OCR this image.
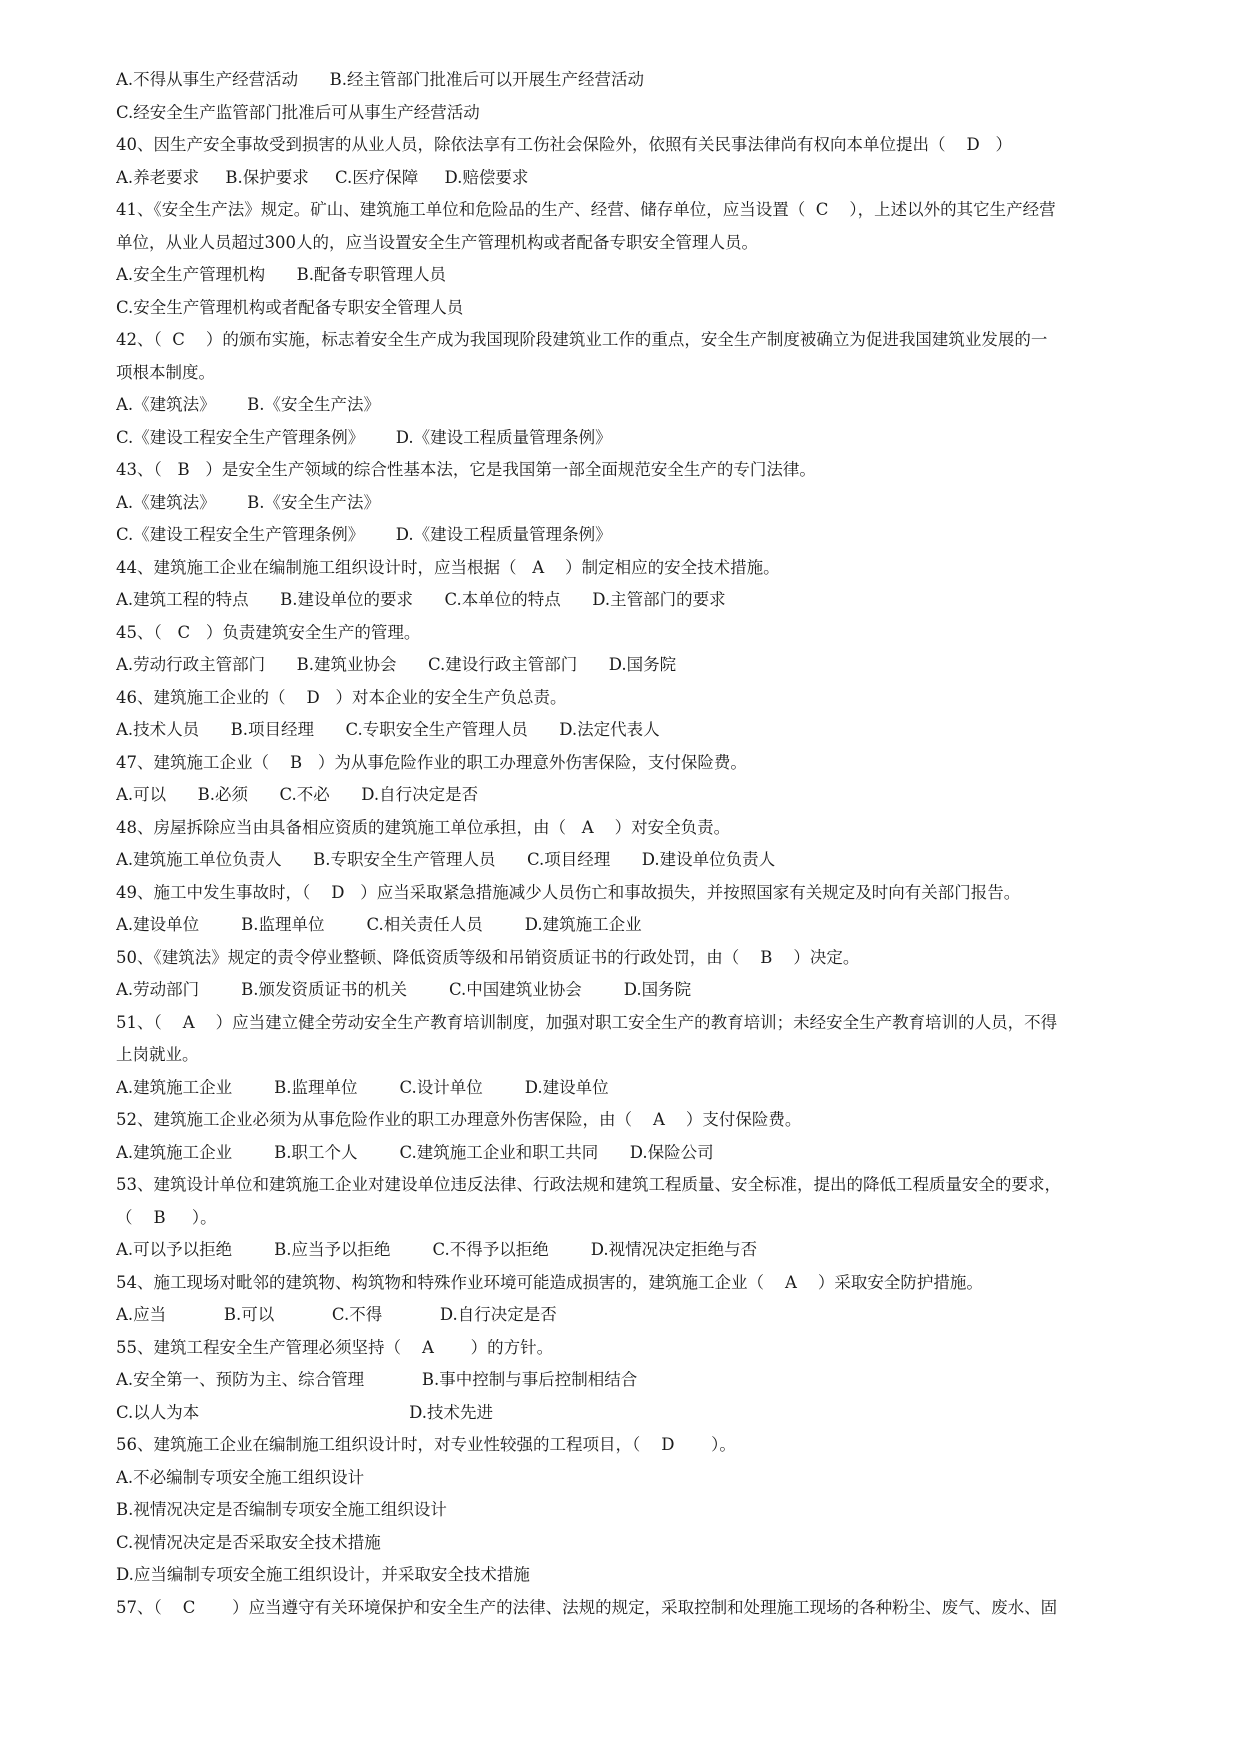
A.不得从事生产经营活动      B.经主管部门批准后可以开展生产经营活动
C.经安全生产监管部门批准后可从事生产经营活动
40、因生产安全事故受到损害的从业人员，除依法享有工伤社会保险外，依照有关民事法律尚有权向本单位提出（    D   ）
A.养老要求     B.保护要求     C.医疗保障     D.赔偿要求
41、《安全生产法》规定。矿山、建筑施工单位和危险品的生产、经营、储存单位，应当设置（  C    ），上述以外的其它生产经营
单位，从业人员超过300人的，应当设置安全生产管理机构或者配备专职安全管理人员。
A.安全生产管理机构      B.配备专职管理人员
C.安全生产管理机构或者配备专职安全管理人员
42、（  C    ）的颁布实施，标志着安全生产成为我国现阶段建筑业工作的重点，安全生产制度被确立为促进我国建筑业发展的一
项根本制度。
A.《建筑法》      B.《安全生产法》
C.《建设工程安全生产管理条例》      D.《建设工程质量管理条例》
43、（   B   ）是安全生产领域的综合性基本法，它是我国第一部全面规范安全生产的专门法律。
A.《建筑法》      B.《安全生产法》
C.《建设工程安全生产管理条例》      D.《建设工程质量管理条例》
44、建筑施工企业在编制施工组织设计时，应当根据（   A    ）制定相应的安全技术措施。
A.建筑工程的特点      B.建设单位的要求      C.本单位的特点      D.主管部门的要求
45、（   C   ）负责建筑安全生产的管理。
A.劳动行政主管部门      B.建筑业协会      C.建设行政主管部门      D.国务院
46、建筑施工企业的（    D   ）对本企业的安全生产负总责。
A.技术人员      B.项目经理      C.专职安全生产管理人员      D.法定代表人
47、建筑施工企业（    B   ）为从事危险作业的职工办理意外伤害保险，支付保险费。
A.可以      B.必须      C.不必      D.自行决定是否
48、房屋拆除应当由具备相应资质的建筑施工单位承担，由（   A    ）对安全负责。
A.建筑施工单位负责人      B.专职安全生产管理人员      C.项目经理      D.建设单位负责人
49、施工中发生事故时，（    D   ）应当采取紧急措施减少人员伤亡和事故损失，并按照国家有关规定及时向有关部门报告。
A.建设单位        B.监理单位        C.相关责任人员        D.建筑施工企业
50、《建筑法》规定的责令停业整顿、降低资质等级和吊销资质证书的行政处罚，由（    B    ）决定。
A.劳动部门        B.颁发资质证书的机关        C.中国建筑业协会        D.国务院
51、（    A    ）应当建立健全劳动安全生产教育培训制度，加强对职工安全生产的教育培训；未经安全生产教育培训的人员，不得
上岗就业。
A.建筑施工企业        B.监理单位        C.设计单位        D.建设单位
52、建筑施工企业必须为从事危险作业的职工办理意外伤害保险，由（    A    ）支付保险费。
A.建筑施工企业        B.职工个人        C.建筑施工企业和职工共同      D.保险公司
53、建筑设计单位和建筑施工企业对建设单位违反法律、行政法规和建筑工程质量、安全标准，提出的降低工程质量安全的要求，
（    B     ）。
A.可以予以拒绝        B.应当予以拒绝        C.不得予以拒绝        D.视情况决定拒绝与否
54、施工现场对毗邻的建筑物、构筑物和特殊作业环境可能造成损害的，建筑施工企业（    A    ）采取安全防护措施。
A.应当           B.可以           C.不得           D.自行决定是否
55、建筑工程安全生产管理必须坚持（    A       ）的方针。
A.安全第一、预防为主、综合管理           B.事中控制与事后控制相结合
C.以人为本                                        D.技术先进
56、建筑施工企业在编制施工组织设计时，对专业性较强的工程项目，（    D       ）。
A.不必编制专项安全施工组织设计
B.视情况决定是否编制专项安全施工组织设计
C.视情况决定是否采取安全技术措施
D.应当编制专项安全施工组织设计，并采取安全技术措施
57、（    C       ）应当遵守有关环境保护和安全生产的法律、法规的规定，采取控制和处理施工现场的各种粉尘、废气、废水、固
